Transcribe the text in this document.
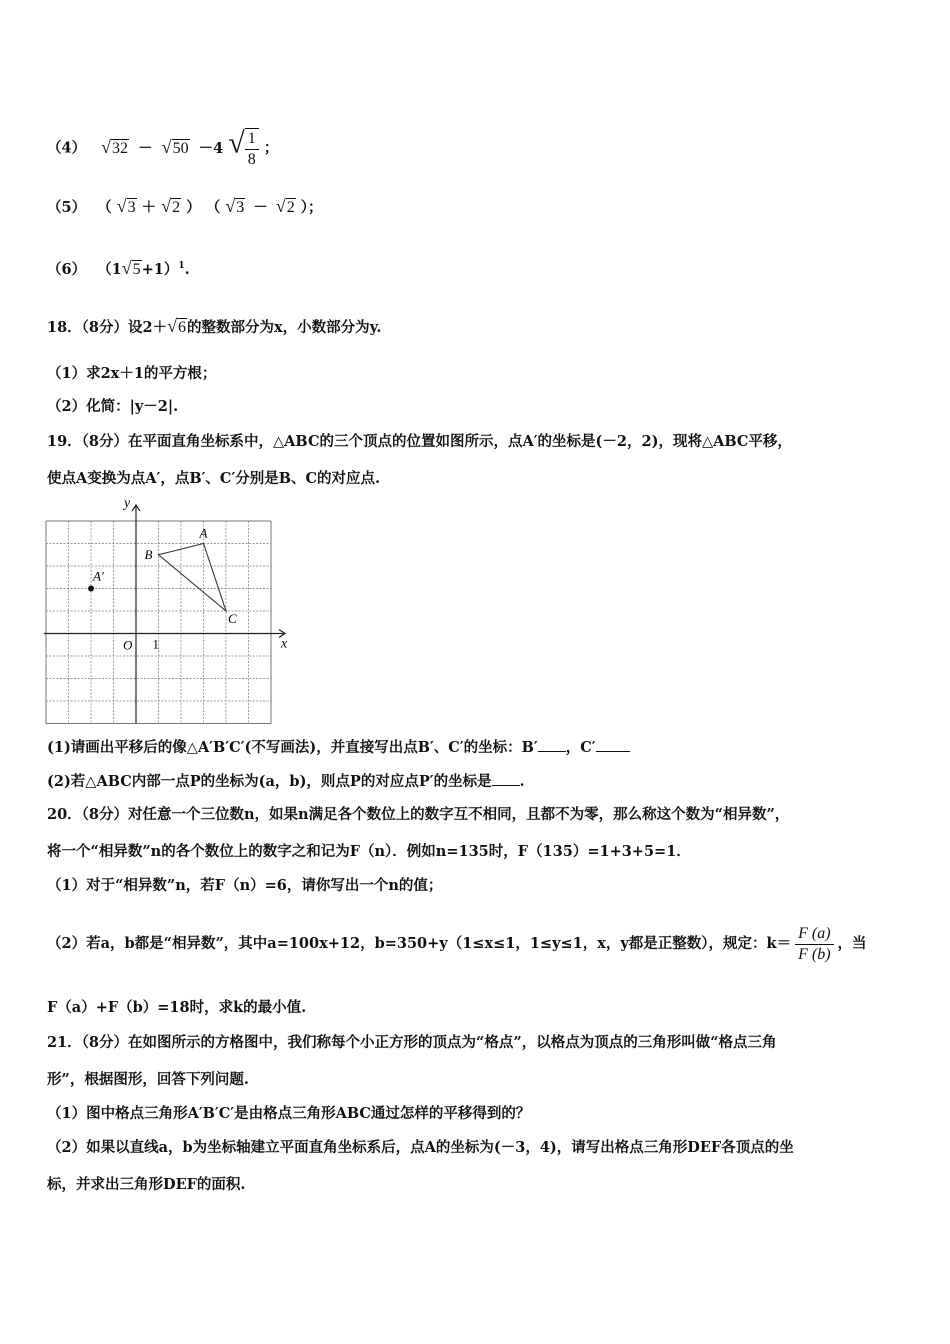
（4） √32 － √50 －4 √ $\frac{1}{8}$ ；
（5） （ √3 ＋ √2 ） （ √3 － √2 ）；
（6） $(1√5+1)^1$.
18．（8分）设2＋√6的整数部分为x，小数部分为y.
（1）求2x＋1的平方根；
（2）化简：|y－2|.
19．（8分）在平面直角坐标系中，△ABC的三个顶点的位置如图所示，点A′的坐标是(－2，2)，现将△ABC平移，
使点A变换为点A′，点B′、C′分别是B、C的对应点.
x
y
O 1
A
B
C
A′
(1)请画出平移后的像△A′B′C′(不写画法)，并直接写出点B′、C′的坐标：B′ ，C′
(2)若△ABC内部一点P的坐标为(a，b)，则点P的对应点P′的坐标是 .
20．（8分）对任意一个三位数n，如果n满足各个数位上的数字互不相同，且都不为零，那么称这个数为“相异数”，
将一个“相异数”n的各个数位上的数字之和记为F（n）．例如n=135时，F（135）=1+3+5=1．
（1）对于“相异数”n，若F（n）=6，请你写出一个n的值；
（2）若a，b都是“相异数”，其中a=100x+12，b=350+y（1≤x≤1，1≤y≤1，x，y都是正整数），规定：$k= \frac{F (a)}{F (b)}$ ，当
F（a）+F（b）=18时，求k的最小值.
21．（8分）在如图所示的方格图中，我们称每个小正方形的顶点为“格点”，以格点为顶点的三角形叫做“格点三角
形”，根据图形，回答下列问题.
（1）图中格点三角形A′B′C′是由格点三角形ABC通过怎样的平移得到的？
（2）如果以直线a，b为坐标轴建立平面直角坐标系后，点A的坐标为(－3，4)，请写出格点三角形DEF各顶点的坐
标，并求出三角形DEF的面积.
